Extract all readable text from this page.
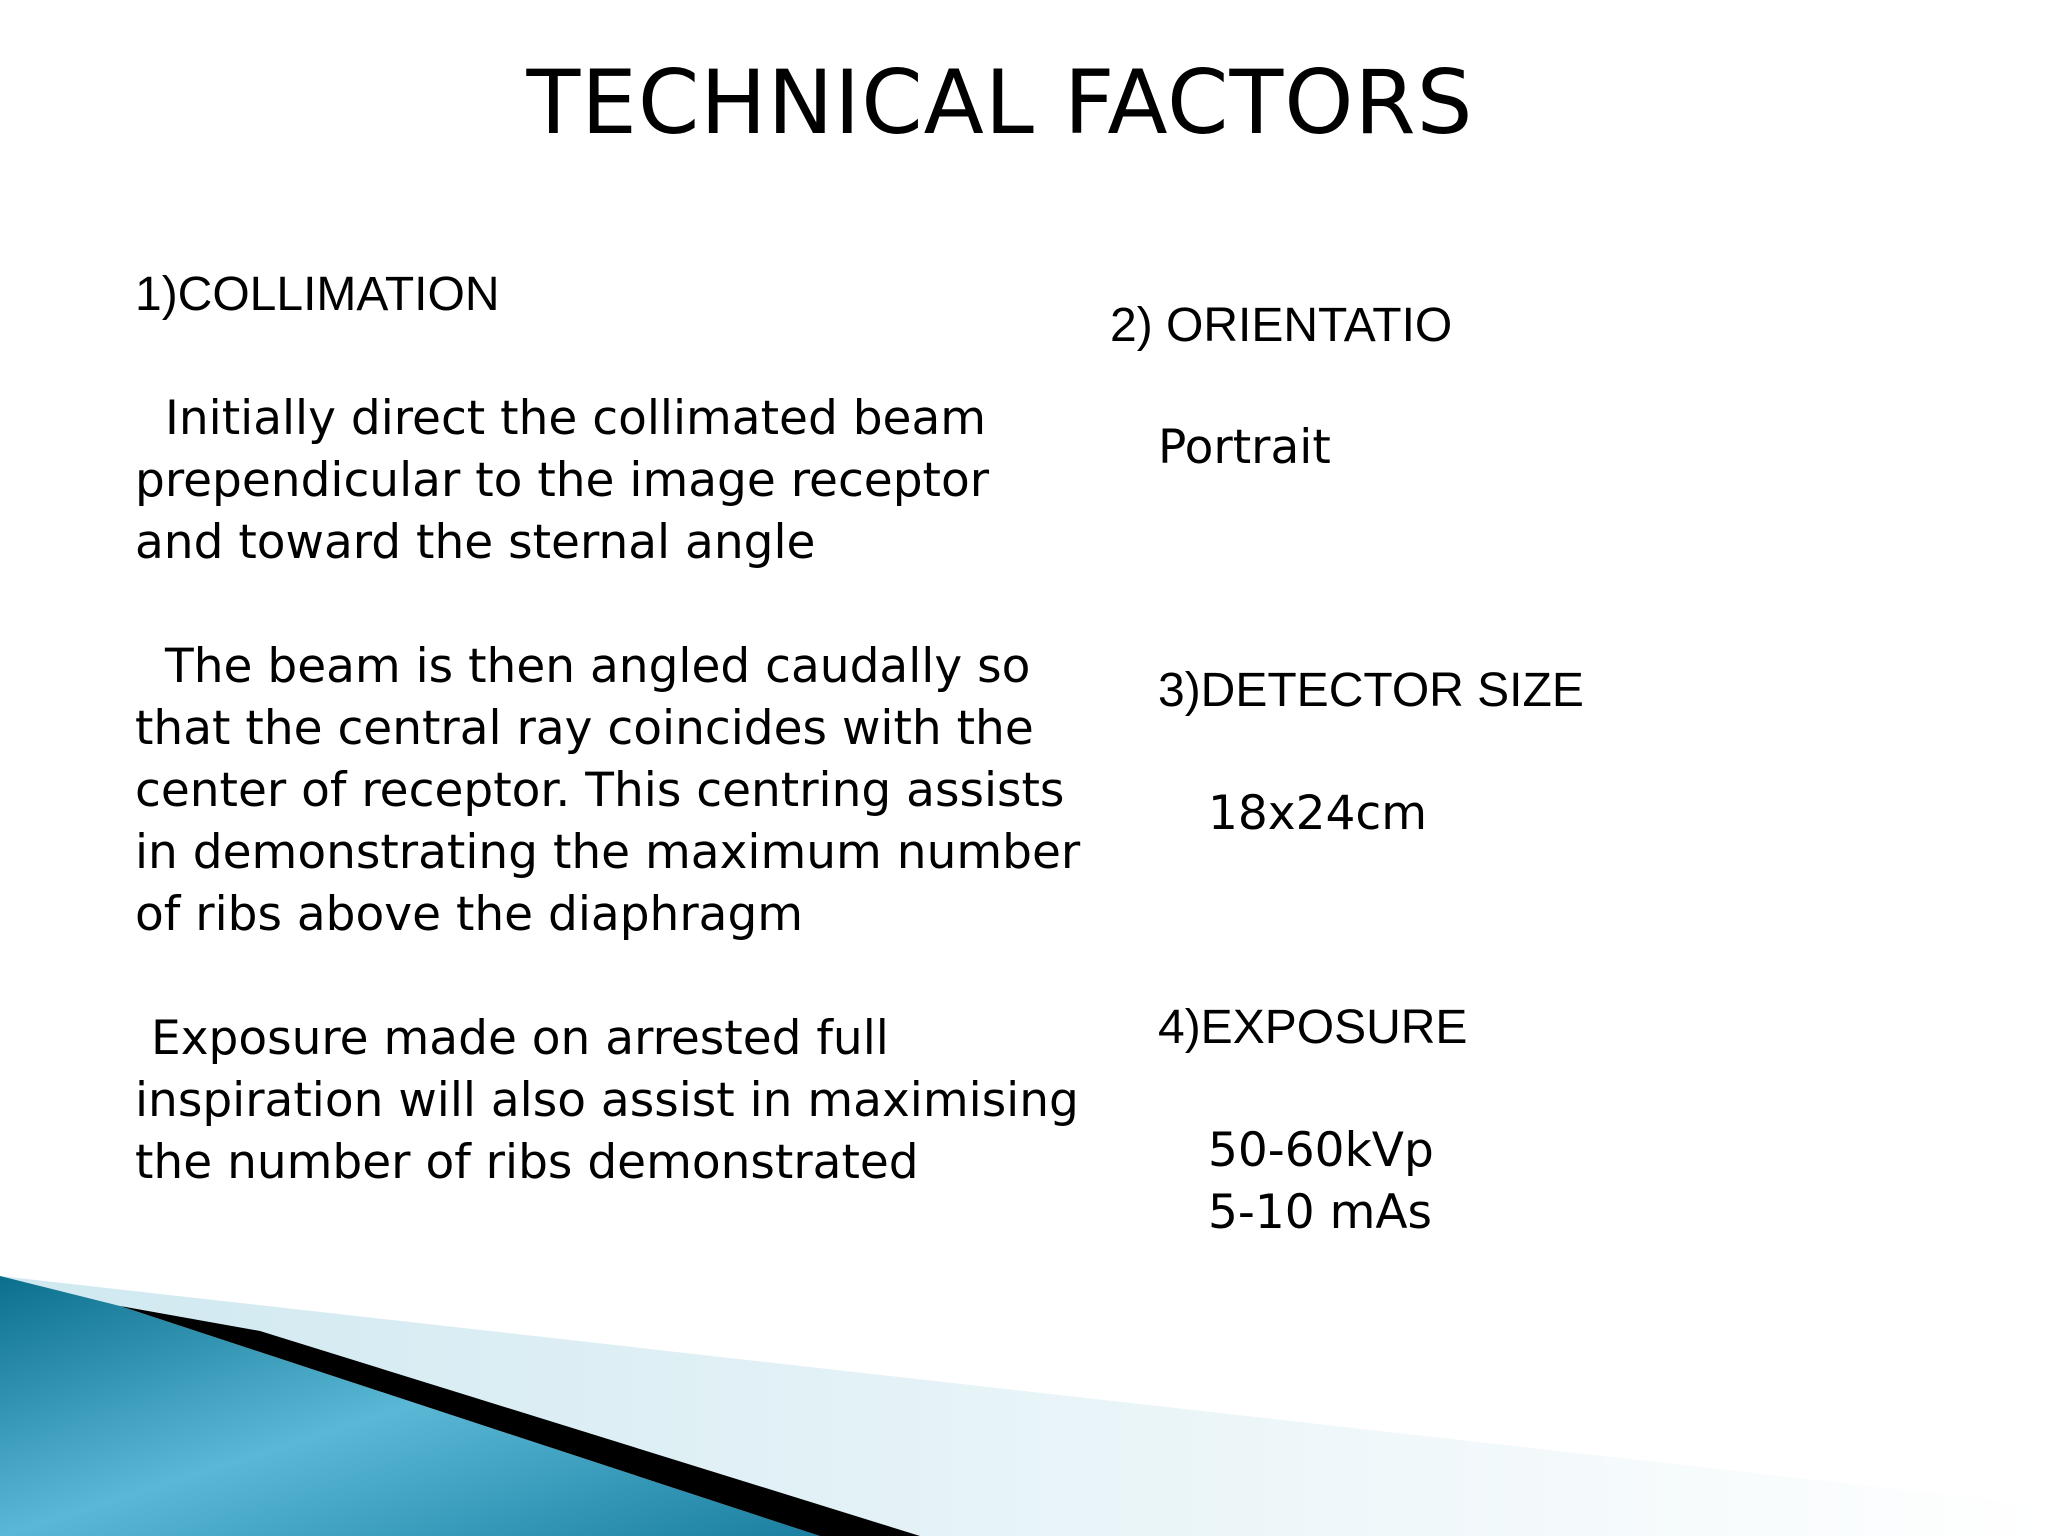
TECHNICAL FACTORS

1)COLLIMATION

Initially direct the collimated beam prependicular to the image receptor and toward the sternal angle

The beam is then angled caudally so that the central ray coincides with the center of receptor. This centring assists in demonstrating the maximum number of ribs above the diaphragm

Exposure made on arrested full inspiration will also assist in maximising the number of ribs demonstrated

2) ORIENTATIO
Portrait
3)DETECTOR SIZE
18x24cm
4)EXPOSURE
50-60kVp
5-10 mAs
